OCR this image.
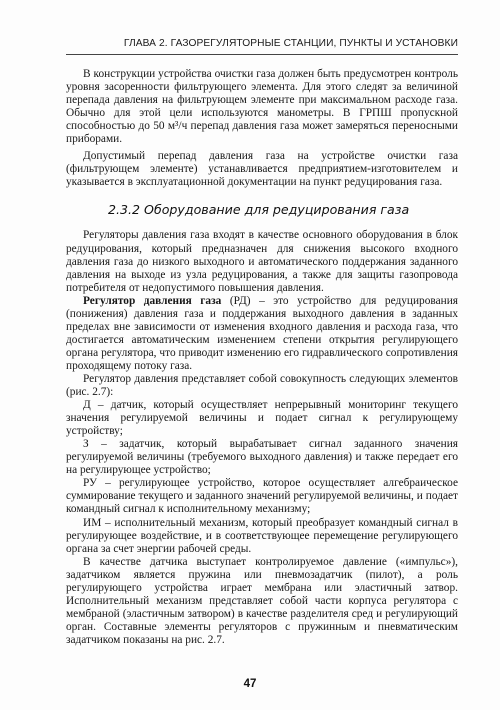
ГЛАВА 2. ГАЗОРЕГУЛЯТОРНЫЕ СТАНЦИИ, ПУНКТЫ И УСТАНОВКИ

В конструкции устройства очистки газа должен быть предусмотрен контроль уровня засоренности фильтрующего элемента. Для этого следят за величиной перепада давления на фильтрующем элементе при максимальном расходе газа. Обычно для этой цели используются манометры. В ГРПШ пропускной способностью до 50 м³/ч перепад давления газа может замеряться переносными приборами.

Допустимый перепад давления газа на устройстве очистки газа (фильтрующем элементе) устанавливается предприятием-изготовителем и указывается в эксплуатационной документации на пункт редуцирования газа.

2.3.2 Оборудование для редуцирования газа

Регуляторы давления газа входят в качестве основного оборудования в блок редуцирования, который предназначен для снижения высокого входного давления газа до низкого выходного и автоматического поддержания заданного давления на выходе из узла редуцирования, а также для защиты газопровода потребителя от недопустимого повышения давления.

Регулятор давления газа (РД) – это устройство для редуцирования (понижения) давления газа и поддержания выходного давления в заданных пределах вне зависимости от изменения входного давления и расхода газа, что достигается автоматическим изменением степени открытия регулирующего органа регулятора, что приводит изменению его гидравлического сопротивления проходящему потоку газа.

Регулятор давления представляет собой совокупность следующих элементов (рис. 2.7):

Д – датчик, который осуществляет непрерывный мониторинг текущего значения регулируемой величины и подает сигнал к регулирующему устройству;

З – задатчик, который вырабатывает сигнал заданного значения регулируемой величины (требуемого выходного давления) и также передает его на регулирующее устройство;

РУ – регулирующее устройство, которое осуществляет алгебраическое суммирование текущего и заданного значений регулируемой величины, и подает командный сигнал к исполнительному механизму;

ИМ – исполнительный механизм, который преобразует командный сигнал в регулирующее воздействие, и в соответствующее перемещение регулирующего органа за счет энергии рабочей среды.

В качестве датчика выступает контролируемое давление («импульс»), задатчиком является пружина или пневмозадатчик (пилот), а роль регулирующего устройства играет мембрана или эластичный затвор. Исполнительный механизм представляет собой части корпуса регулятора с мембраной (эластичным затвором) в качестве разделителя сред и регулирующий орган. Составные элементы регуляторов с пружинным и пневматическим задатчиком показаны на рис. 2.7.

47
